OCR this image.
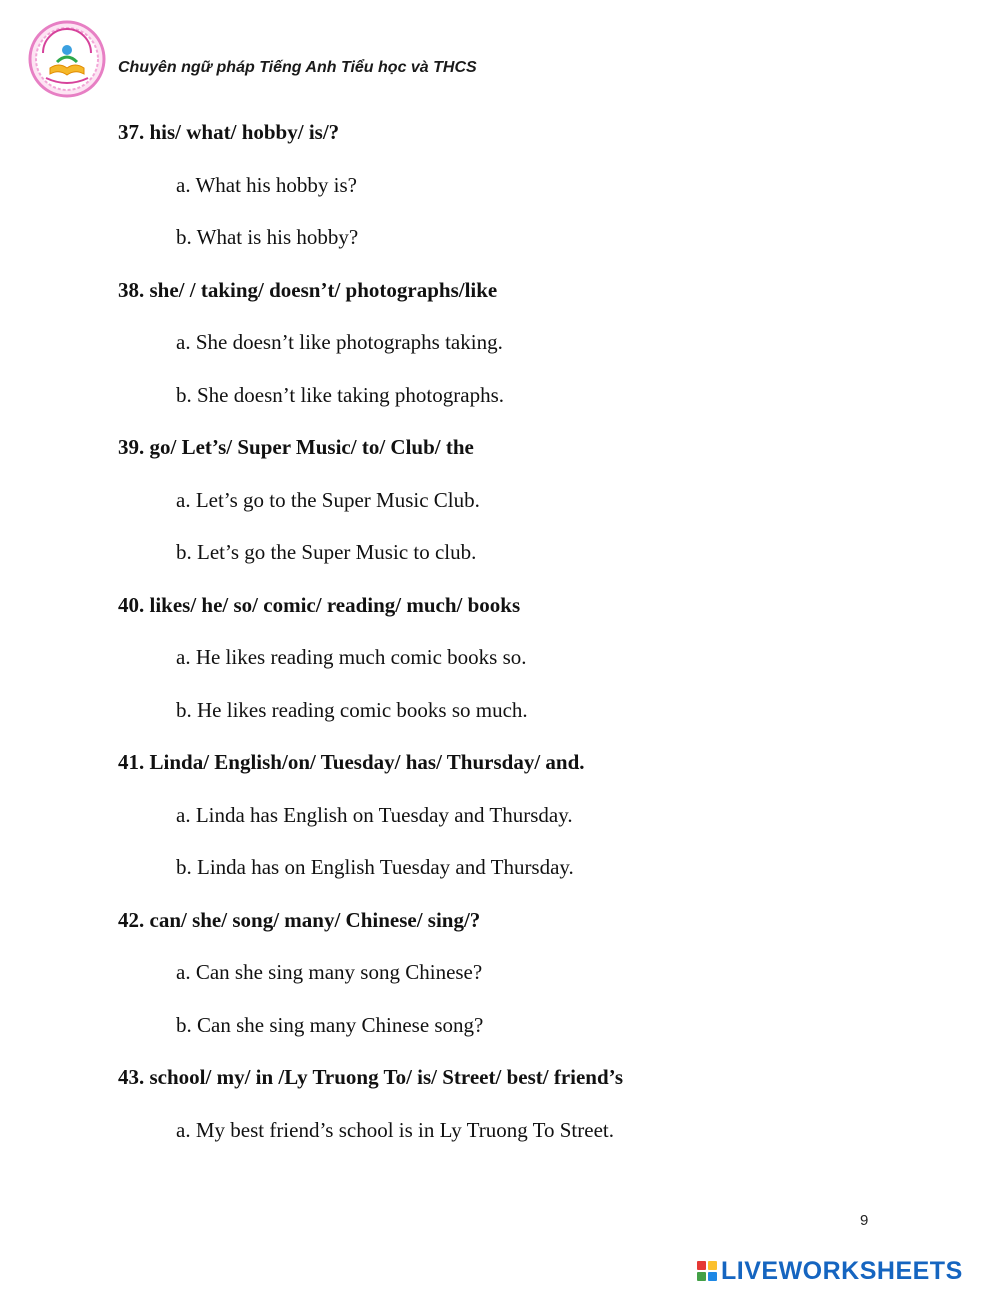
Chuyên ngữ pháp Tiếng Anh Tiểu học và THCS
37. his/ what/ hobby/ is/?
a. What his hobby is?
b. What is his hobby?
38. she/ / taking/ doesn’t/ photographs/like
a. She doesn’t like photographs taking.
b. She doesn’t like taking photographs.
39. go/ Let’s/ Super Music/ to/ Club/ the
a. Let’s go to the Super Music Club.
b. Let’s go the Super Music to club.
40. likes/ he/ so/ comic/ reading/ much/ books
a. He likes reading much comic books so.
b. He likes reading comic books so much.
41. Linda/ English/on/ Tuesday/ has/ Thursday/ and.
a. Linda has English on Tuesday and Thursday.
b. Linda has on English Tuesday and Thursday.
42. can/ she/ song/ many/ Chinese/ sing/?
a. Can she sing many song Chinese?
b. Can she sing many Chinese song?
43. school/ my/ in /Ly Truong To/ is/ Street/ best/ friend’s
a. My best friend’s school is in Ly Truong To Street.
9
LIVEWORKSHEETS
